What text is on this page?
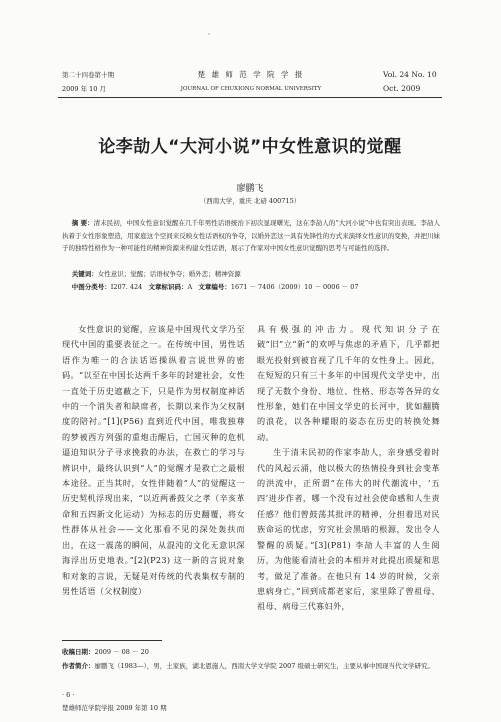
˙
第二十四卷第十期
2009 年 10 月
楚 雄 师 范 学 院 学 报
JOURNAL OF CHUXIONG NORMAL UNIVERSITY
Vol. 24 No. 10
Oct. 2009
论李劼人“大河小说”中女性意识的觉醒
廖鹏飞
（西南大学，重庆 北碚 400715）
摘 要：清末民初，中国女性意识觉醒在几千年男性话语统治下初次显现曙光，这在李劼人的“大河小说”中也有突出表现。李劼人执着于女性形象塑造，用家庭这个空间来反映女性话语权的争夺，以婚外恋这一具有先锋性的方式来演绎女性意识的变换，并把川妹子的独特性格作为一种可能性的精神资源来构建女性话语，展示了作家对中国女性意识觉醒的思考与可能性的选择。
关键词：女性意识；觉醒；话语权争夺；婚外恋；精神资源
中图分类号：I207. 424 文章标识码：A 文章编号：1671 － 7406（2009）10 － 0006 － 07

女性意识的觉醒，应该是中国现代文学乃至现代中国的重要表征之一。在传统中国，男性话语作为唯一的合法话语操纵着言说世界的密码。“以至在中国长达两千多年的封建社会，女性一直处于历史遮蔽之下，只是作为男权制度神话中的一个消失者和缺席者，长期以来作为父权制度的陪衬。”[1](P56) 直到近代中国，唯我独尊的梦被西方列强的重炮击醒后，亡国灭种的危机逼迫知识分子寻求挽救的办法，在救亡的学习与辨识中，最终认识到“人”的觉醒才是救亡之最根本途径。正当其时，女性伴随着“人”的觉醒这一历史契机浮现出来，“以近两番鼓父之孝（辛亥革命和五四新文化运动）为标志的历史翻覆，将女性群体从社会——文化那看不见的深处轰扶而出，在这一震荡的瞬间，从混沌的文化无意识深海浮出历史地表。”[2](P23) 这一新的言说对象和对象的言说，无疑是对传统的代表集权专制的男性话语（父权制度）

具有极强的冲击力。现代知识分子在破“旧”立“新”的欢呼与焦虑的矛盾下，几乎都把眼光投射到被盲视了几千年的女性身上。因此，在短短的只有三十多年的中国现代文学史中，出现了无数个身份、地位、性格、形态等各异的女性形象，她们在中国文学史的长河中，犹如翻腾的浪花，以各种耀眼的姿态在历史的转换处舞动。

生于清末民初的作家李劼人，亲身感受着时代的风起云涌，他以极大的热情投身到社会变革的洪流中，正所谓“在伟大的时代潮流中，‘五四’进步作者，哪一个没有过社会使命感和人生责任感？他们曾鼓荡其批评的精神，分担着迅对民族命运的忧虑，穷究社会黑暗的根源，发出令人警醒的质疑。”[3](P81) 李劼人丰富的人生阅历，为他能看清社会的本相并对此提出质疑和思考，做足了准备。在他只有 14 岁的时候，父亲患病身亡，”回到成都老家后，家里除了曾祖母、祖母、病母三代寡妇外，

收稿日期：2009 － 08 － 20
作者简介：廖鹏飞（1983—），男，土家族，湖北恩施人，西南大学文学院 2007 级硕士研究生，主要从事中国现当代文学研究。
· 6 ·
楚雄师范学院学报 2009 年第 10 期
